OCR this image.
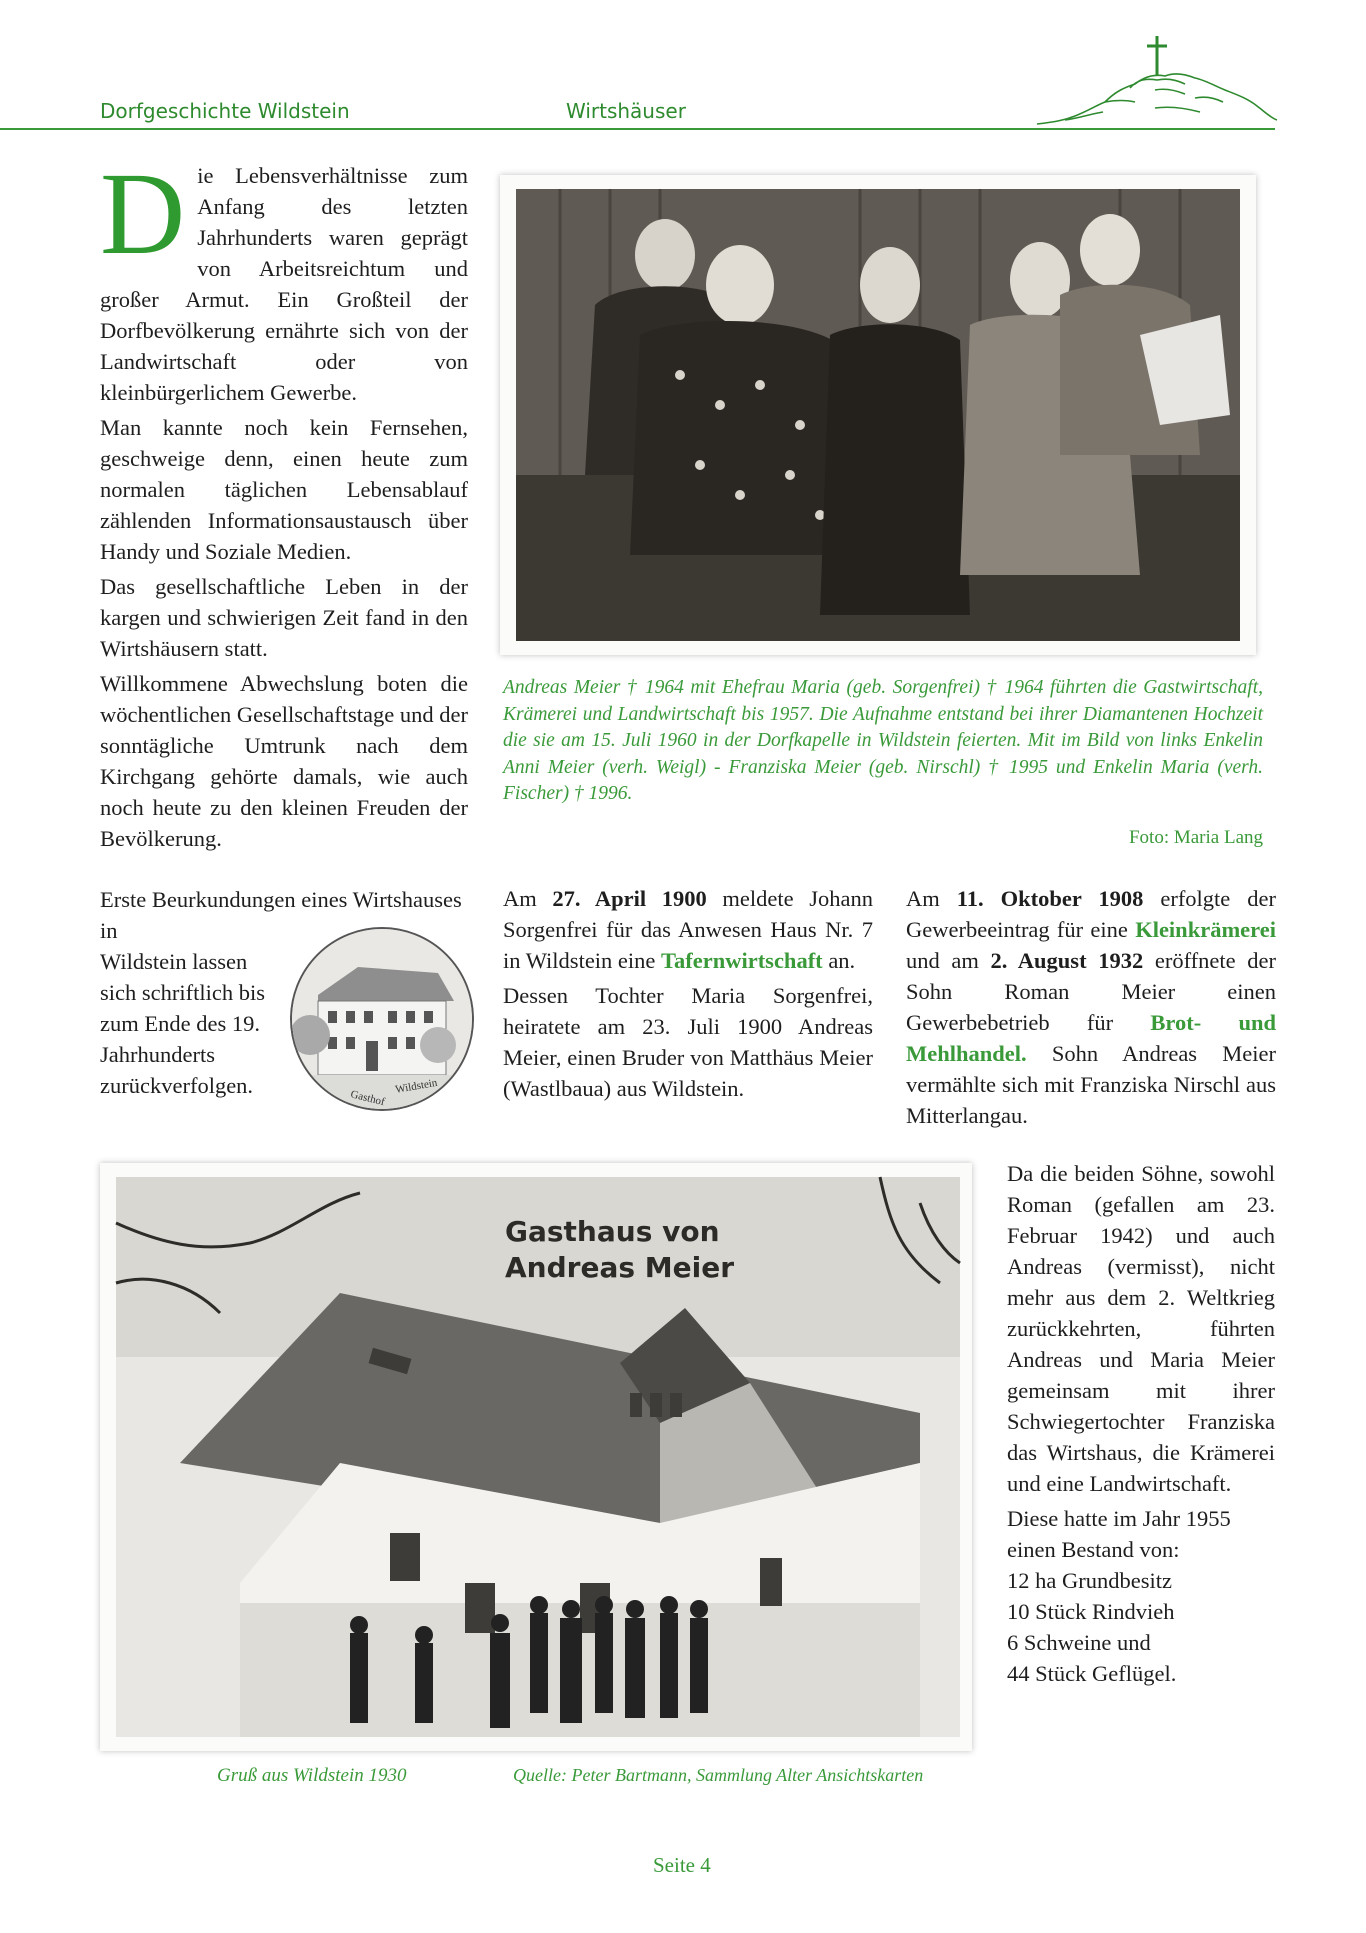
Dorfgeschichte Wildstein	Wirtshäuser

Die Lebensverhältnisse zum Anfang des letzten Jahrhunderts waren geprägt von Arbeitsreichtum und großer Armut. Ein Großteil der Dorfbevölkerung ernährte sich von der Landwirtschaft oder von kleinbürgerlichem Gewerbe.

Man kannte noch kein Fernsehen, geschweige denn, einen heute zum normalen täglichen Lebensablauf zählenden Informationsaustausch über Handy und Soziale Medien.

Das gesellschaftliche Leben in der kargen und schwierigen Zeit fand in den Wirtshäusern statt.

Willkommene Abwechslung boten die wöchentlichen Gesellschaftstage und der sonntägliche Umtrunk nach dem Kirchgang gehörte damals, wie auch noch heute zu den kleinen Freuden der Bevölkerung.

Erste Beurkundungen eines Wirtshauses in
Wildstein lassen sich schriftlich bis zum Ende des 19. Jahrhunderts zurückverfolgen.
Gasthof
Wildstein
Andreas Meier † 1964 mit Ehefrau Maria (geb. Sorgenfrei) † 1964 führten die Gastwirtschaft, Krämerei und Landwirtschaft bis 1957. Die Aufnahme entstand bei ihrer Diamantenen Hochzeit die sie am 15. Juli 1960 in der Dorfkapelle in Wildstein feierten. Mit im Bild von links Enkelin Anni Meier (verh. Weigl) - Franziska Meier (geb. Nirschl) † 1995 und Enkelin Maria (verh. Fischer) † 1996.
Foto: Maria Lang

Am 27. April 1900 meldete Johann Sorgenfrei für das Anwesen Haus Nr. 7 in Wildstein eine Tafernwirtschaft an.

Dessen Tochter Maria Sorgenfrei, heiratete am 23. Juli 1900 Andreas Meier, einen Bruder von Matthäus Meier (Wastlbaua) aus Wildstein.

Am 11. Oktober 1908 erfolgte der Gewerbeeintrag für eine Kleinkrämerei und am 2. August 1932 eröffnete der Sohn Roman Meier einen Gewerbebetrieb für Brot- und Mehlhandel. Sohn Andreas Meier vermählte sich mit Franziska Nirschl aus Mitterlangau.

Gasthaus von
Andreas Meier
Gruß aus Wildstein 1930	Quelle: Peter Bartmann, Sammlung Alter Ansichtskarten

Da die beiden Söhne, sowohl Roman (gefallen am 23. Februar 1942) und auch Andreas (vermisst), nicht mehr aus dem 2. Weltkrieg zurückkehrten, führten Andreas und Maria Meier gemeinsam mit ihrer Schwiegertochter Franziska das Wirtshaus, die Krämerei und eine Landwirtschaft.

Diese hatte im Jahr 1955 einen Bestand von:

12 ha Grundbesitz
10 Stück Rindvieh
6 Schweine und
44 Stück Geflügel.
Seite 4
